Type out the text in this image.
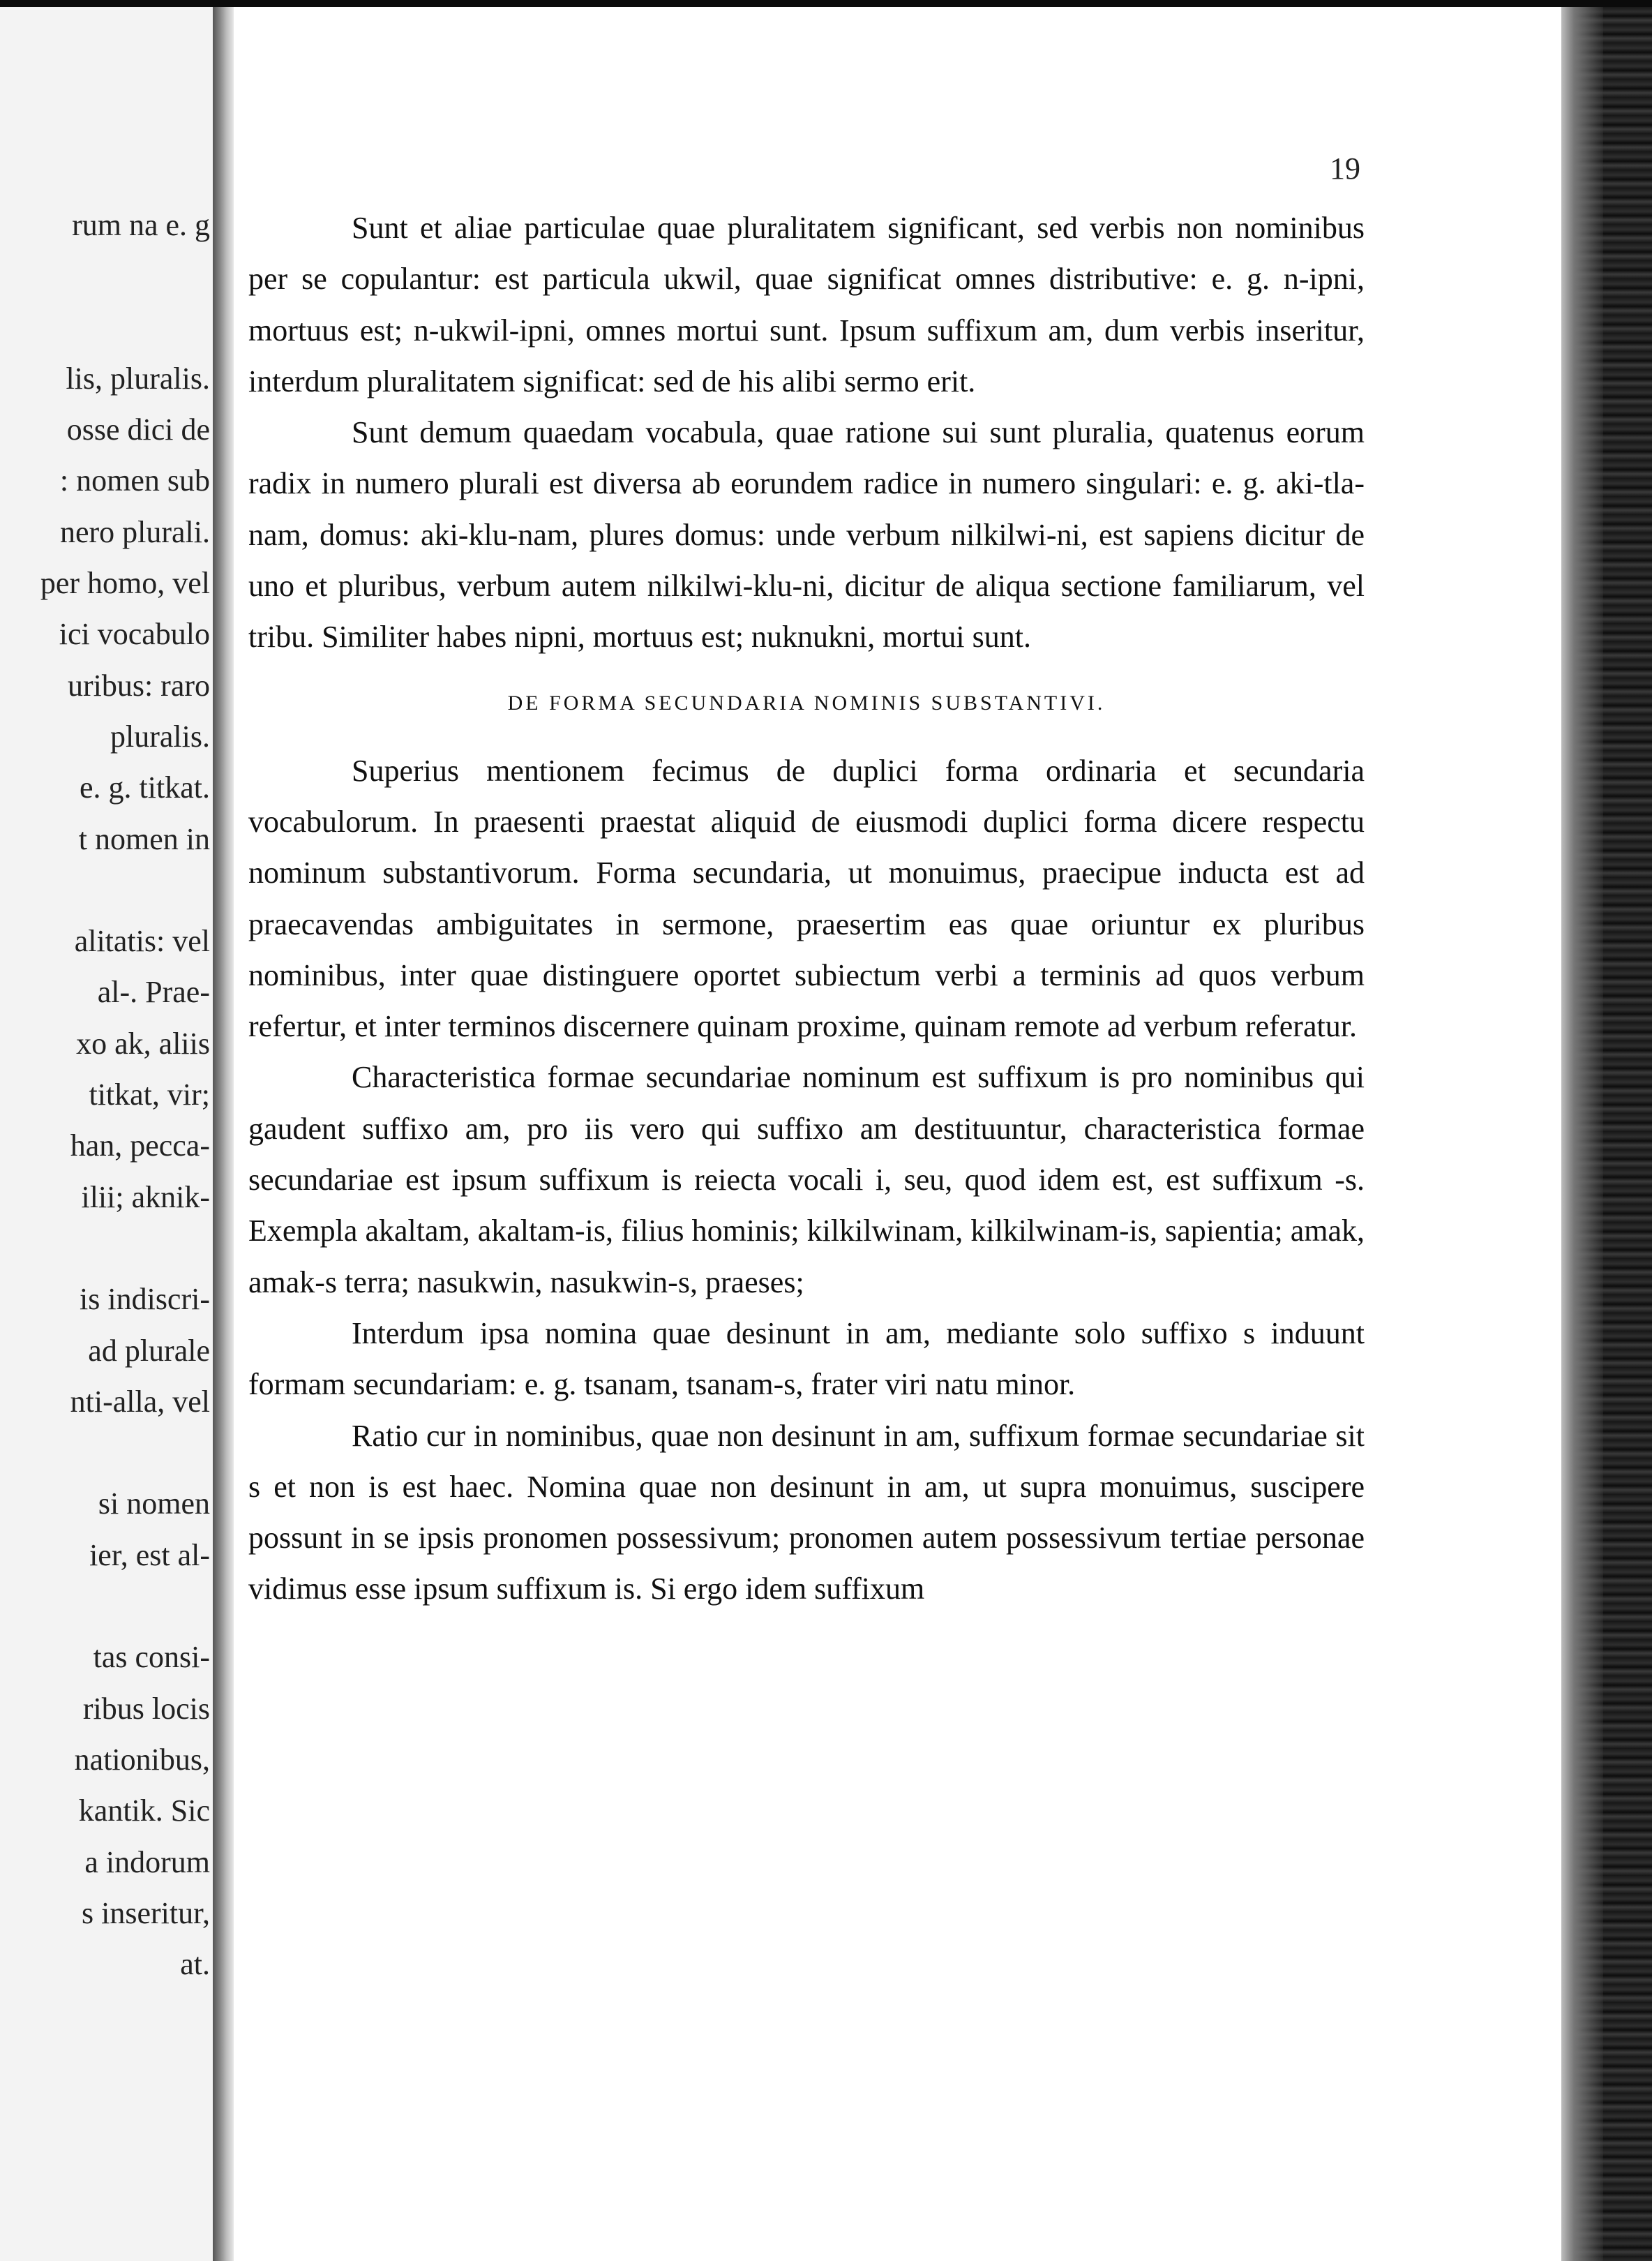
rum na e. g
lis, pluralis.
osse dici de
: nomen sub
nero plurali.
per homo, vel
ici vocabulo
uribus: raro
pluralis.
e. g. titkat.
t nomen in
alitatis: vel
al-. Prae-
xo ak, aliis
titkat, vir;
han, pecca-
ilii; aknik-
is indiscri-
ad plurale
nti-alla, vel
si nomen
ier, est al-
tas consi-
ribus locis
nationibus,
kantik. Sic
a indorum
s inseritur,
at.
19

Sunt et aliae particulae quae pluralitatem significant, sed verbis non nominibus per se copulantur: est particula ukwil, quae significat omnes distributive: e. g. n-ipni, mortuus est; n-ukwil-ipni, omnes mortui sunt. Ipsum suffixum am, dum verbis inseritur, interdum pluralitatem significat: sed de his alibi sermo erit.

Sunt demum quaedam vocabula, quae ratione sui sunt pluralia, quatenus eorum radix in numero plurali est diversa ab eorundem radice in numero singulari: e. g. aki-tla-nam, domus: aki-klu-nam, plures domus: unde verbum nilkilwi-ni, est sapiens dicitur de uno et pluribus, verbum autem nilkilwi-klu-ni, dicitur de aliqua sectione familiarum, vel tribu. Similiter habes nipni, mortuus est; nuknukni, mortui sunt.

DE FORMA SECUNDARIA NOMINIS SUBSTANTIVI.

Superius mentionem fecimus de duplici forma ordinaria et secundaria vocabulorum. In praesenti praestat aliquid de eiusmodi duplici forma dicere respectu nominum substantivorum. Forma secundaria, ut monuimus, praecipue inducta est ad praecavendas ambiguitates in sermone, praesertim eas quae oriuntur ex pluribus nominibus, inter quae distinguere oportet subiectum verbi a terminis ad quos verbum refertur, et inter terminos discernere quinam proxime, quinam remote ad verbum referatur.

Characteristica formae secundariae nominum est suffixum is pro nominibus qui gaudent suffixo am, pro iis vero qui suffixo am destituuntur, characteristica formae secundariae est ipsum suffixum is reiecta vocali i, seu, quod idem est, est suffixum -s. Exempla akaltam, akaltam-is, filius hominis; kilkilwinam, kilkilwinam-is, sapientia; amak, amak-s terra; nasukwin, nasukwin-s, praeses;

Interdum ipsa nomina quae desinunt in am, mediante solo suffixo s induunt formam secundariam: e. g. tsanam, tsanam-s, frater viri natu minor.

Ratio cur in nominibus, quae non desinunt in am, suffixum formae secundariae sit s et non is est haec. Nomina quae non desinunt in am, ut supra monuimus, suscipere possunt in se ipsis pronomen possessivum; pronomen autem possessivum tertiae personae vidimus esse ipsum suffixum is. Si ergo idem suffixum
